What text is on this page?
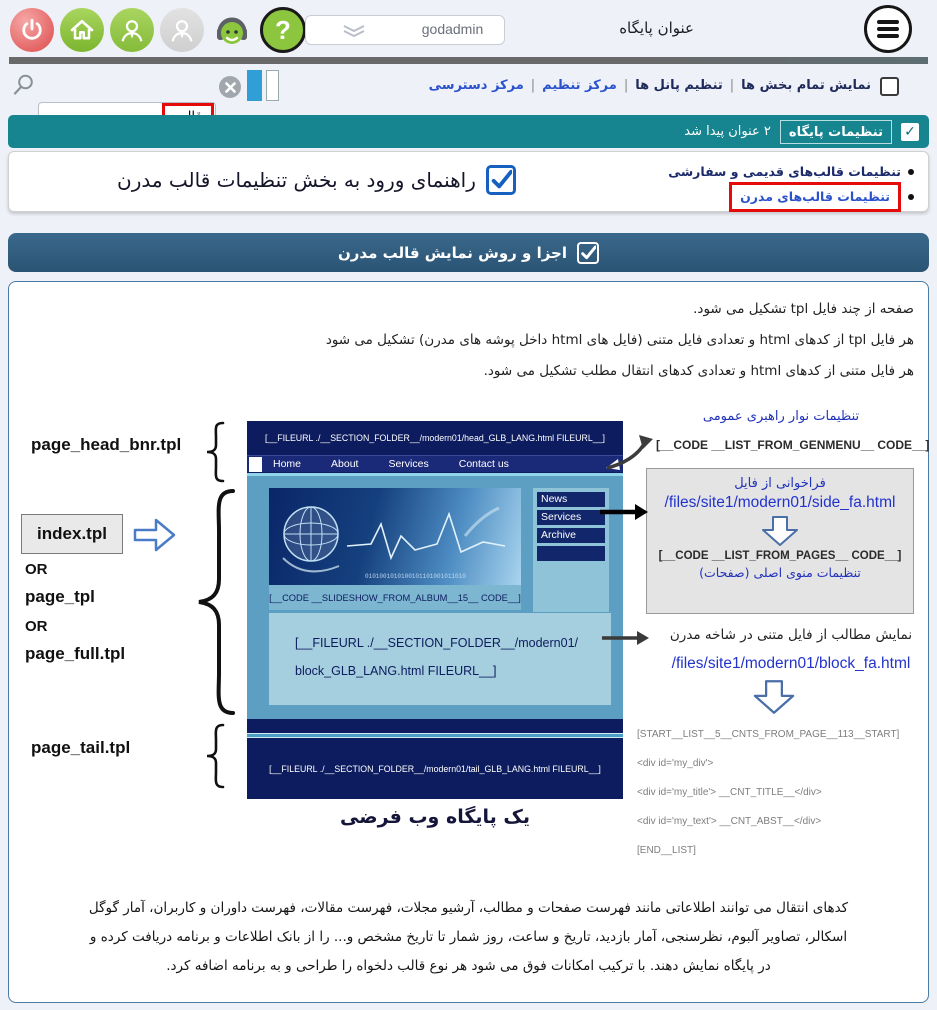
?	godadmin	عنوان پایگاه
نمایش تمام بخش ها
|
تنظیم پانل ها
|
مرکز تنظیم
|
مرکز دسترسی
✓
تنظیمات پایگاه
۲ عنوان پیدا شد
تنظیمات قالب‌های قدیمی و سفارشی
تنظیمات قالب‌های مدرن
راهنمای ورود به بخش تنظیمات قالب مدرن
اجزا و روش نمایش قالب مدرن
صفحه از چند فایل tpl تشکیل می شود.
هر فایل tpl از کدهای html و تعدادی فایل متنی (فایل های html داخل پوشه های مدرن) تشکیل می شود
هر فایل متنی از کدهای html و تعدادی کدهای انتقال مطلب تشکیل می شود.
page_head_bnr.tpl
index.tpl
OR
page_tpl
OR
page_full.tpl
page_tail.tpl
[__FILEURL ./__SECTION_FOLDER__/modern01/head_GLB_LANG.html FILEURL__]
Home	About	Services	Contact us
0101001010100101101001011010
[__CODE __SLIDESHOW_FROM_ALBUM__15__ CODE__]
News
Services
Archive
[__FILEURL ./__SECTION_FOLDER__/modern01/
block_GLB_LANG.html FILEURL__]
[__FILEURL ./__SECTION_FOLDER__/modern01/tail_GLB_LANG.html FILEURL__]
یک پایگاه وب فرضی
تنظیمات نوار راهبری عمومی
[__CODE __LIST_FROM_GENMENU__ CODE__]
فراخوانی از فایل
/files/site1/modern01/side_fa.html
[__CODE __LIST_FROM_PAGES__ CODE__]
تنظیمات منوی اصلی (صفحات)
نمایش مطالب از فایل متنی در شاخه مدرن
/files/site1/modern01/block_fa.html
[START__LIST__5__CNTS_FROM_PAGE__113__START]
<div id='my_div'>
<div id='my_title'> __CNT_TITLE__</div>
<div id='my_text'> __CNT_ABST__</div>
[END__LIST]
کدهای انتقال می توانند اطلاعاتی مانند فهرست صفحات و مطالب، آرشیو مجلات، فهرست مقالات، فهرست داوران و کاربران، آمار گوگل
اسکالر، تصاویر آلبوم، نظرسنجی، آمار بازدید، تاریخ و ساعت، روز شمار تا تاریخ مشخص و... را از بانک اطلاعات و برنامه دریافت کرده و
در پایگاه نمایش دهند. با ترکیب امکانات فوق می شود هر نوع قالب دلخواه را طراحی و به برنامه اضافه کرد.
